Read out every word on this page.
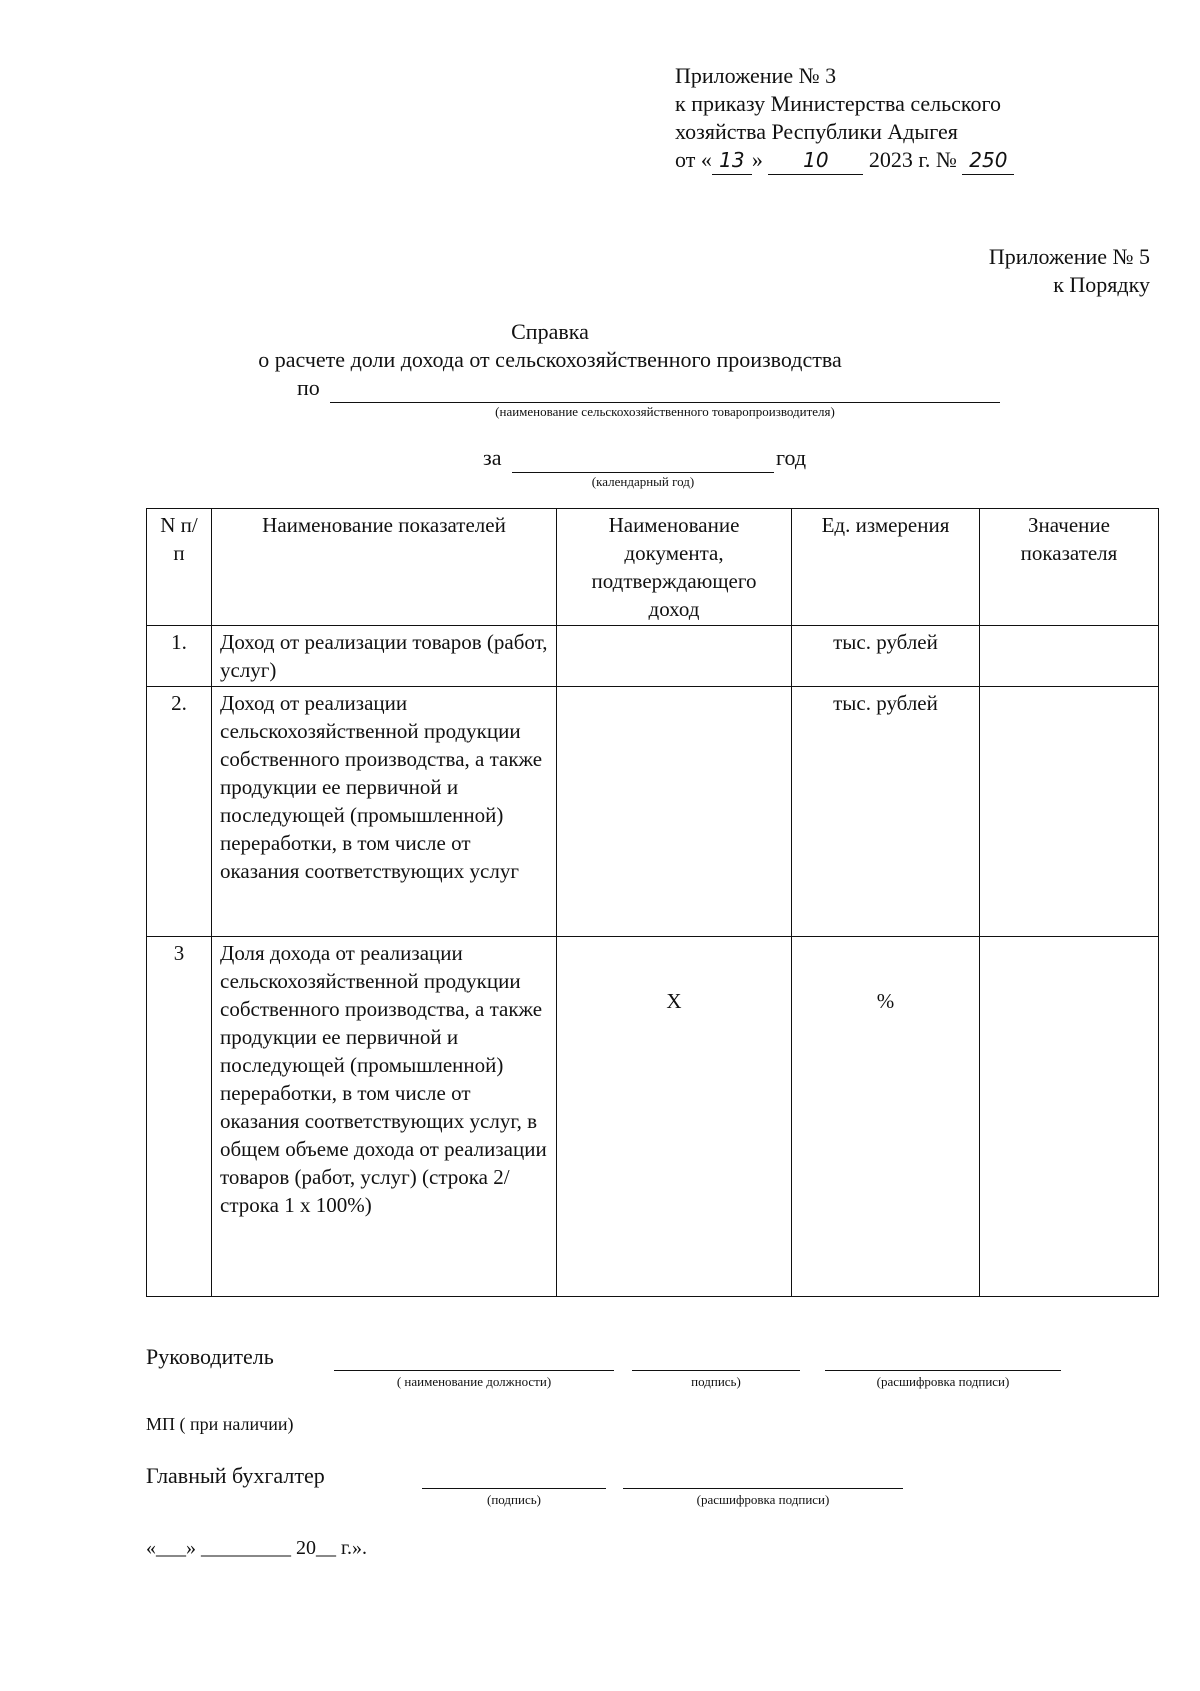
Приложение № 3
к приказу Министерства сельского
хозяйства Республики Адыгея
от « 13 » 10 2023 г. № 250
Приложение № 5
к Порядку
Справка
о расчете доли дохода от сельскохозяйственного производства
по
(наименование сельскохозяйственного товаропроизводителя)
за	год
(календарный год)
N п/п	Наименование показателей	Наименование документа, подтверждающего доход	Ед. измерения	Значение показателя
1.	Доход от реализации товаров (работ, услуг)		тыс. рублей	
2.	Доход от реализации сельскохозяйственной продукции собственного производства, а также продукции ее первичной и последующей (промышленной) переработки, в том числе от оказания соответствующих услуг		тыс. рублей	
3	Доля дохода от реализации сельскохозяйственной продукции собственного производства, а также продукции ее первичной и последующей (промышленной) переработки, в том числе от оказания соответствующих услуг, в общем объеме дохода от реализации товаров (работ, услуг) (строка 2/строка 1 х 100%)	Х	%	
Руководитель
( наименование должности)	подпись)	(расшифровка подписи)
МП ( при наличии)
Главный бухгалтер
(подпись)	(расшифровка подписи)
«___» _________ 20__ г.».
